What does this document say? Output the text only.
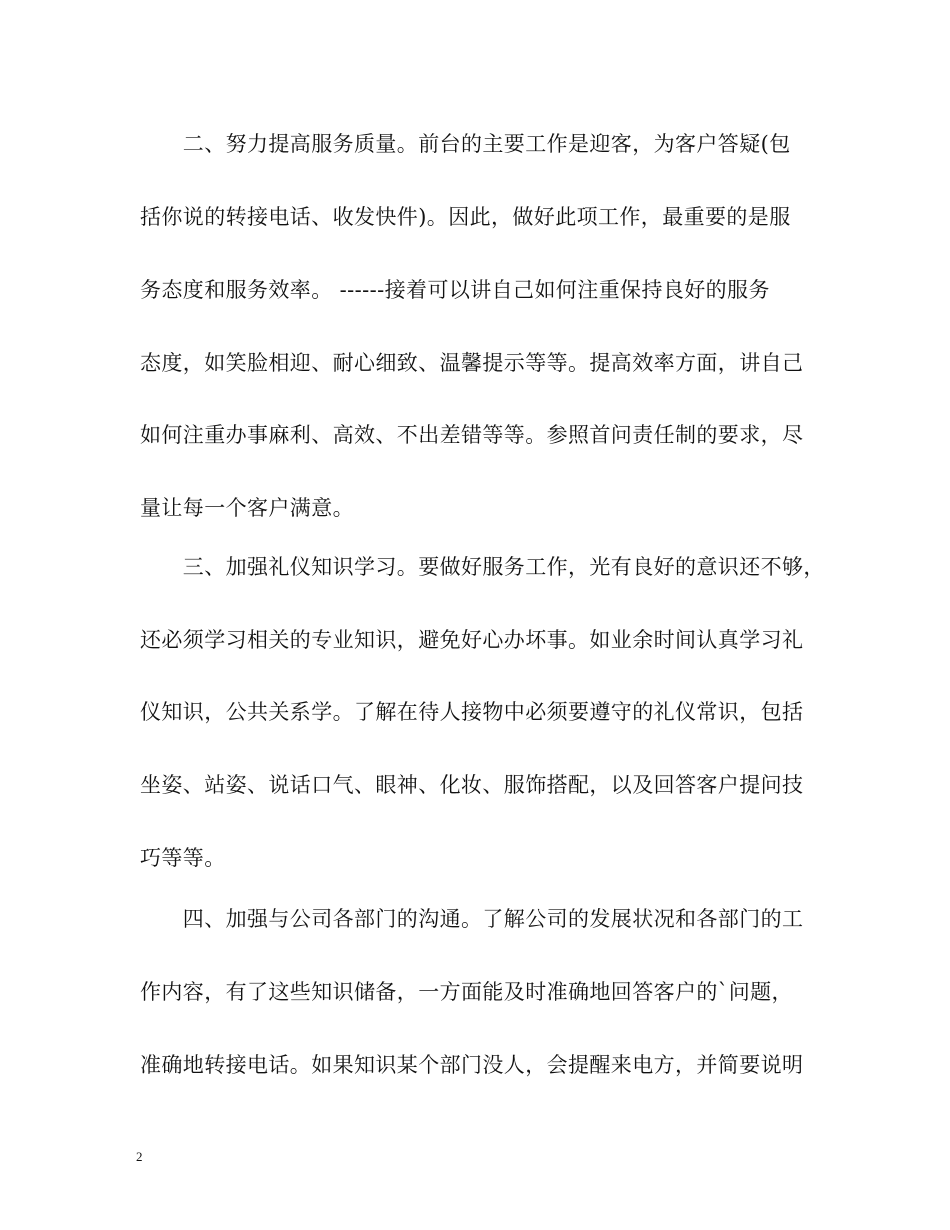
　　二、努力提高服务质量。前台的主要工作是迎客，为客户答疑(包
括你说的转接电话、收发快件)。因此，做好此项工作，最重要的是服
务态度和服务效率。 ------接着可以讲自己如何注重保持良好的服务
态度，如笑脸相迎、耐心细致、温馨提示等等。提高效率方面，讲自己
如何注重办事麻利、高效、不出差错等等。参照首问责任制的要求，尽
量让每一个客户满意。
　　三、加强礼仪知识学习。要做好服务工作，光有良好的意识还不够，
还必须学习相关的专业知识，避免好心办坏事。如业余时间认真学习礼
仪知识，公共关系学。了解在待人接物中必须要遵守的礼仪常识，包括
坐姿、站姿、说话口气、眼神、化妆、服饰搭配，以及回答客户提问技
巧等等。
　　四、加强与公司各部门的沟通。了解公司的发展状况和各部门的工
作内容，有了这些知识储备，一方面能及时准确地回答客户的`问题，
准确地转接电话。如果知识某个部门没人，会提醒来电方，并简要说明
2
